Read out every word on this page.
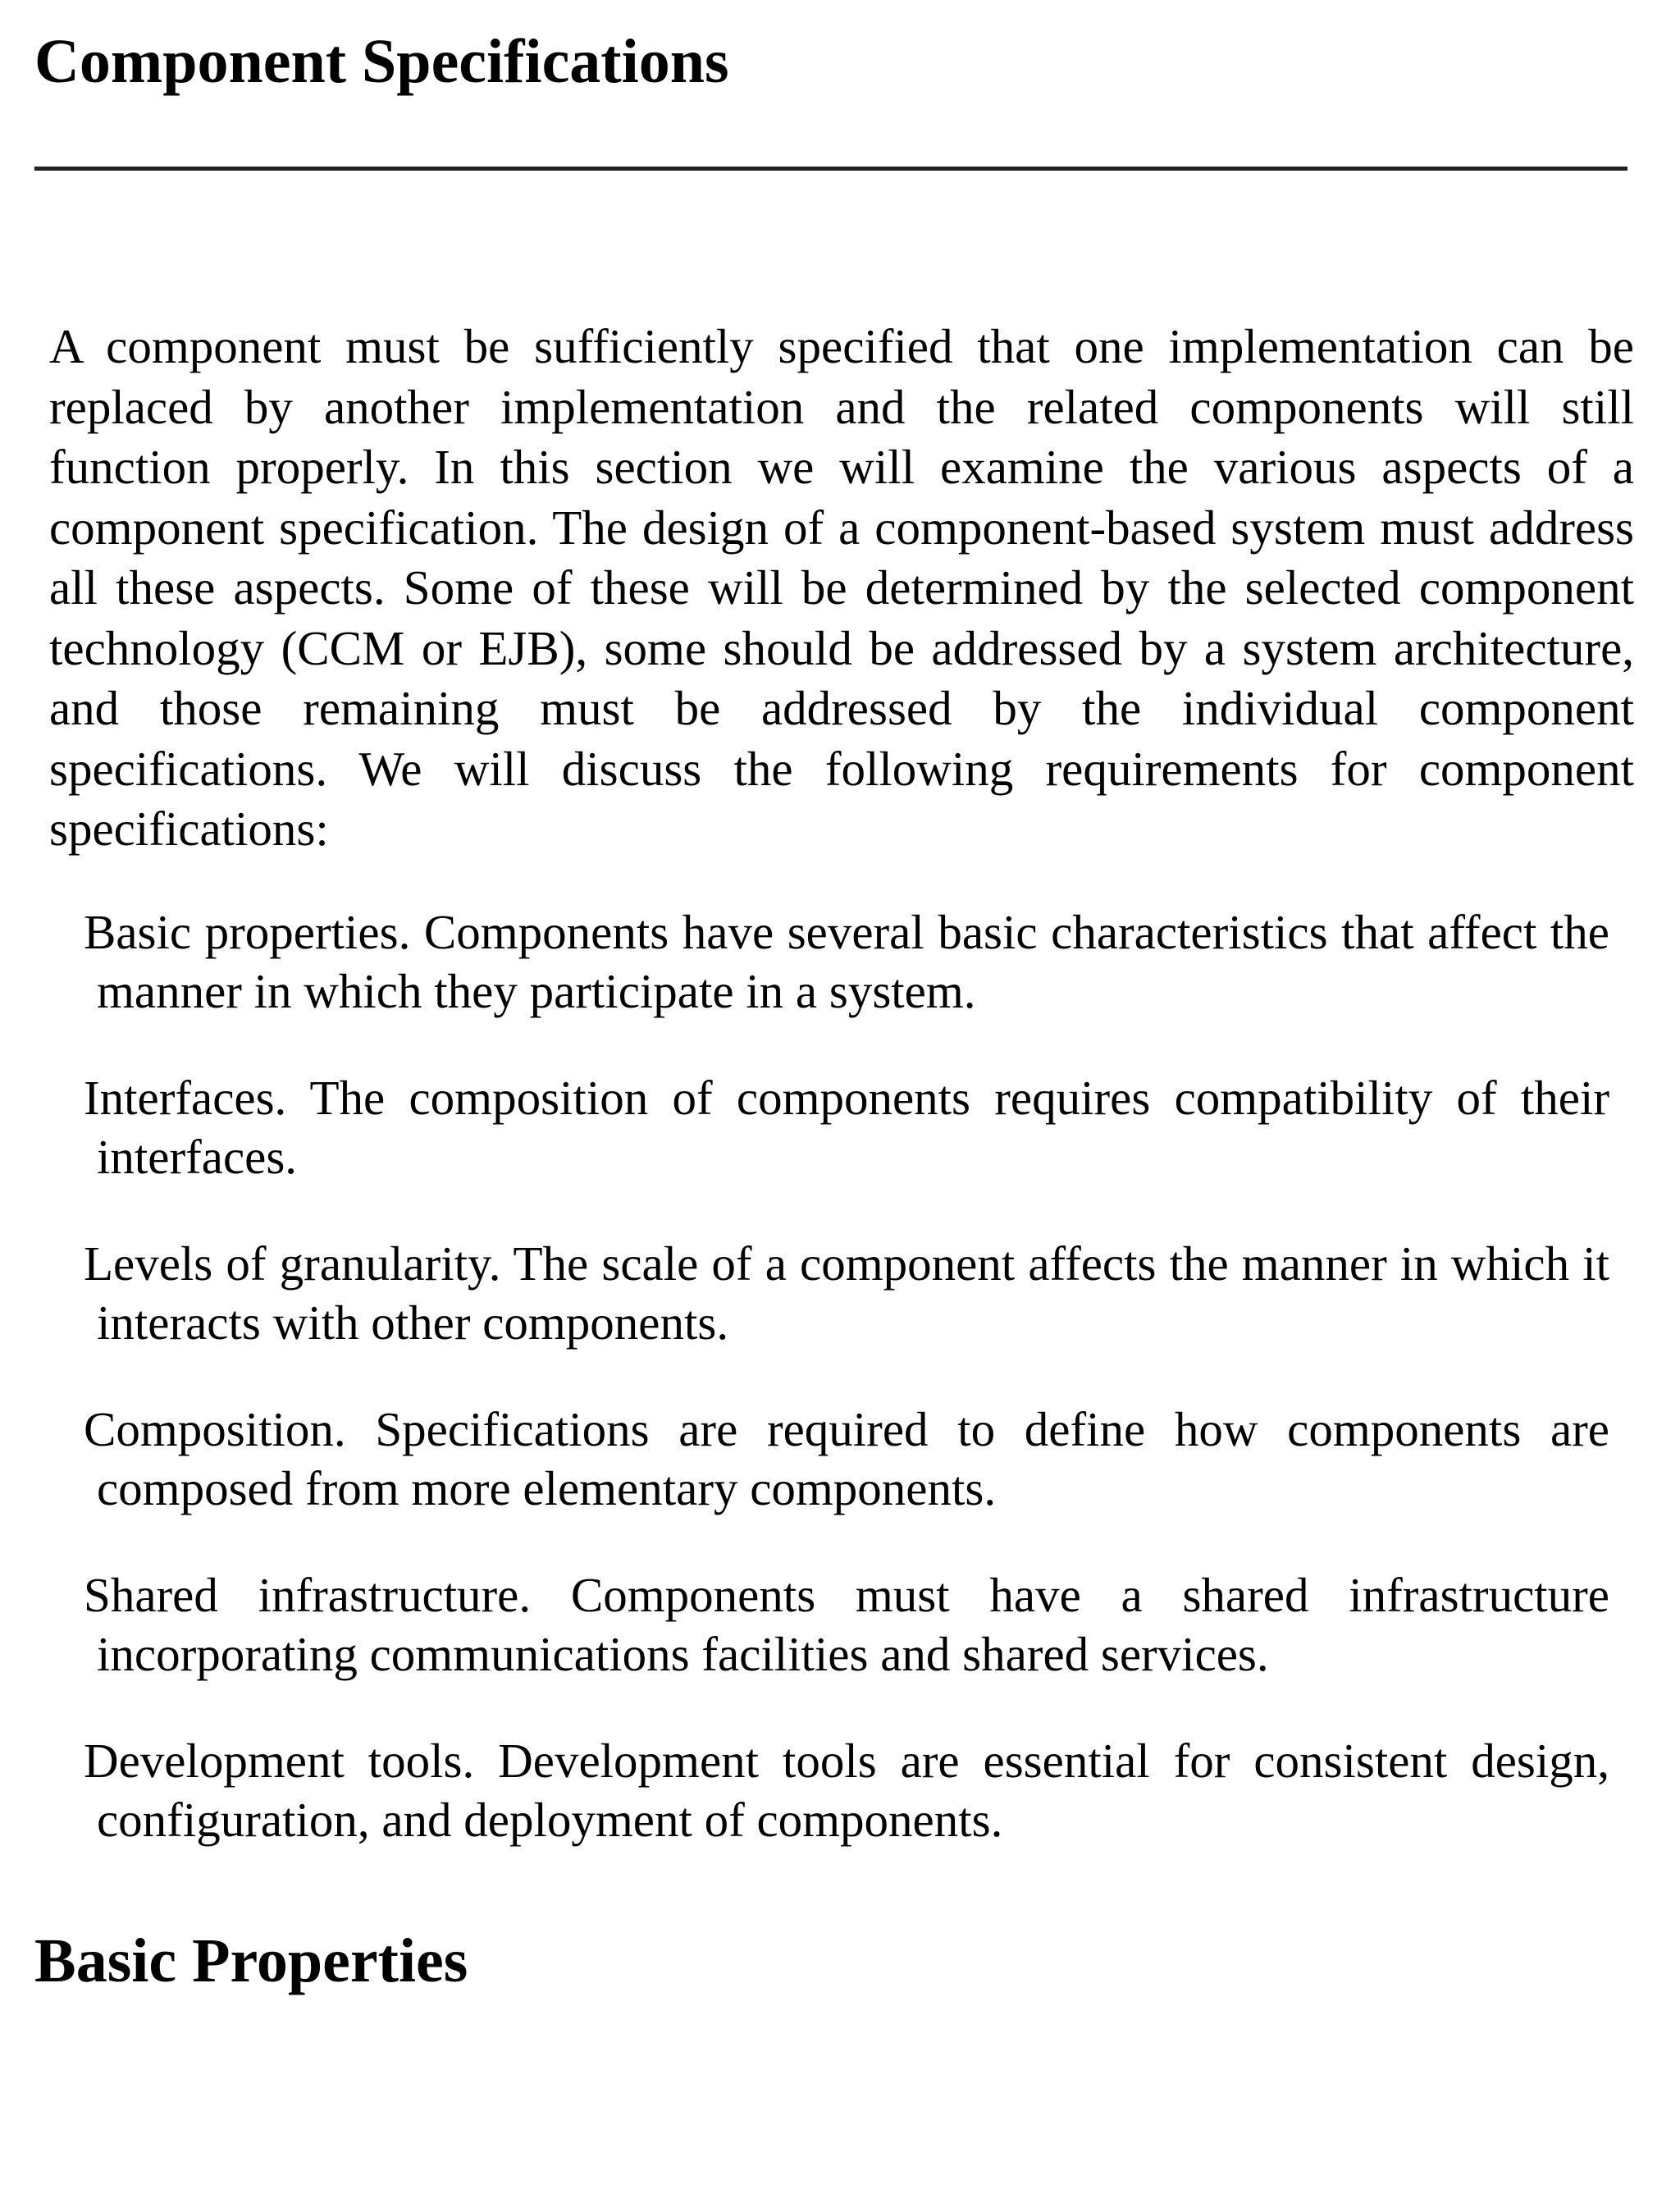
Component Specifications

A component must be sufficiently specified that one implementation can be replaced by another implementation and the related components will still function properly. In this section we will examine the various aspects of a component specification. The design of a component-based system must address all these aspects. Some of these will be determined by the selected component technology (CCM or EJB), some should be addressed by a system architecture, and those remaining must be addressed by the individual component specifications. We will discuss the following requirements for component specifications:

Basic properties. Components have several basic characteristics that affect the manner in which they participate in a system.

Interfaces. The composition of components requires compatibility of their interfaces.

Levels of granularity. The scale of a component affects the manner in which it interacts with other components.

Composition. Specifications are required to define how components are composed from more elementary components.

Shared infrastructure. Components must have a shared infrastructure incorporating communications facilities and shared services.

Development tools. Development tools are essential for consistent design, configuration, and deployment of components.

Basic Properties
